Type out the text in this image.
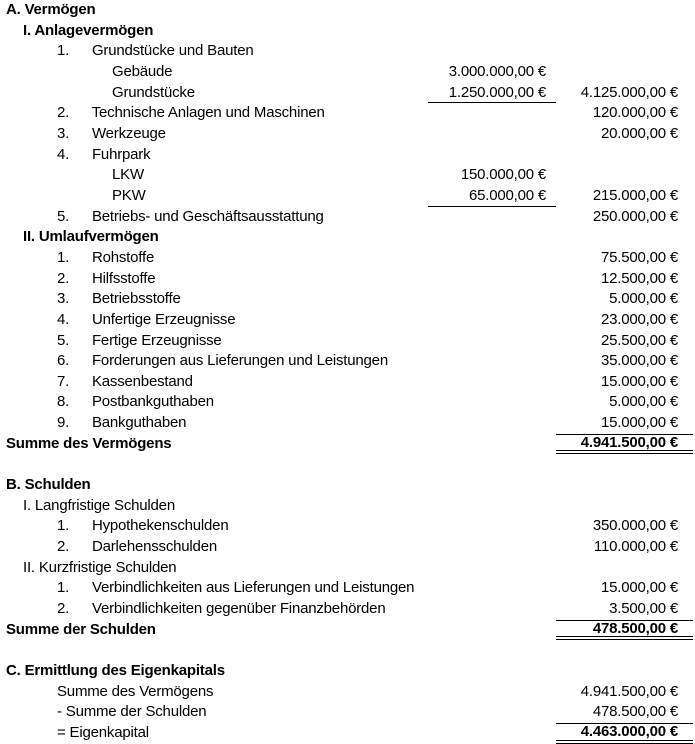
A. Vermögen
I. Anlagevermögen
1. Grundstücke und Bauten
Gebäude	3.000.000,00 €
Grundstücke	1.250.000,00 €	4.125.000,00 €
2. Technische Anlagen und Maschinen	120.000,00 €
3. Werkzeuge	20.000,00 €
4. Fuhrpark
LKW	150.000,00 €
PKW	65.000,00 €	215.000,00 €
5. Betriebs- und Geschäftsausstattung	250.000,00 €
II. Umlaufvermögen
1. Rohstoffe	75.500,00 €
2. Hilfsstoffe	12.500,00 €
3. Betriebsstoffe	5.000,00 €
4. Unfertige Erzeugnisse	23.000,00 €
5. Fertige Erzeugnisse	25.500,00 €
6. Forderungen aus Lieferungen und Leistungen	35.000,00 €
7. Kassenbestand	15.000,00 €
8. Postbankguthaben	5.000,00 €
9. Bankguthaben	15.000,00 €
Summe des Vermögens	4.941.500,00 €
B. Schulden
I. Langfristige Schulden
1. Hypothekenschulden	350.000,00 €
2. Darlehensschulden	110.000,00 €
II. Kurzfristige Schulden
1. Verbindlichkeiten aus Lieferungen und Leistungen	15.000,00 €
2. Verbindlichkeiten gegenüber Finanzbehörden	3.500,00 €
Summe der Schulden	478.500,00 €
C. Ermittlung des Eigenkapitals
Summe des Vermögens	4.941.500,00 €
- Summe der Schulden	478.500,00 €
= Eigenkapital	4.463.000,00 €
